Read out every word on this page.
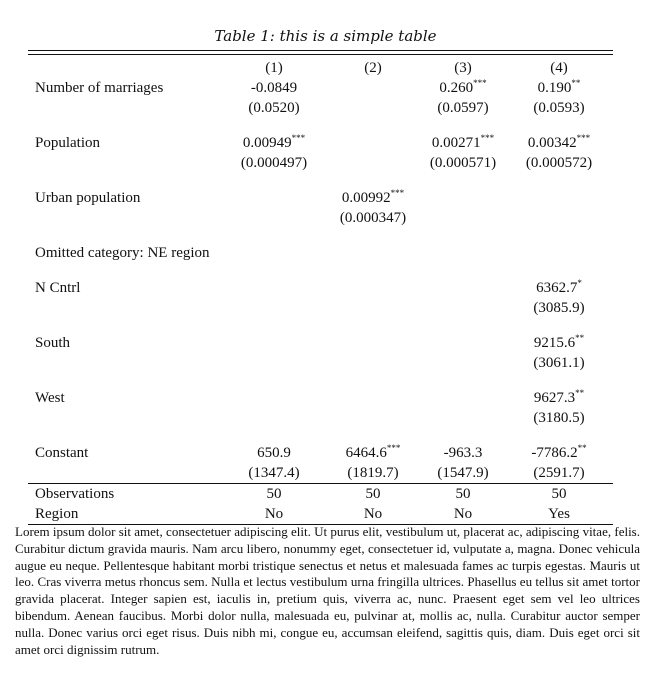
Table 1: this is a simple table
	(1)	(2)	(3)	(4)
Number of marriages	-0.0849		0.260***	0.190**
	(0.0520)		(0.0597)	(0.0593)

Population	0.00949***		0.00271***	0.00342***
	(0.000497)		(0.000571)	(0.000572)

Urban population		0.00992***		
		(0.000347)		

Omitted category: NE region				

N Cntrl				6362.7*
				(3085.9)

South				9215.6**
				(3061.1)

West				9627.3**
				(3180.5)

Constant	650.9	6464.6***	-963.3	-7786.2**
	(1347.4)	(1819.7)	(1547.9)	(2591.7)
Observations	50	50	50	50
Region	No	No	No	Yes

Lorem ipsum dolor sit amet, consectetuer adipiscing elit. Ut purus elit, vestibulum ut, placerat ac, adipiscing vitae, felis. Curabitur dictum gravida mauris. Nam arcu libero, nonummy eget, consectetuer id, vulputate a, magna. Donec vehicula augue eu neque. Pellentesque habitant morbi tristique senectus et netus et malesuada fames ac turpis egestas. Mauris ut leo. Cras viverra metus rhoncus sem. Nulla et lectus vestibulum urna fringilla ultrices. Phasellus eu tellus sit amet tortor gravida placerat. Integer sapien est, iaculis in, pretium quis, viverra ac, nunc. Praesent eget sem vel leo ultrices bibendum. Aenean faucibus. Morbi dolor nulla, malesuada eu, pulvinar at, mollis ac, nulla. Curabitur auctor semper nulla. Donec varius orci eget risus. Duis nibh mi, congue eu, accumsan eleifend, sagittis quis, diam. Duis eget orci sit amet orci dignissim rutrum.
